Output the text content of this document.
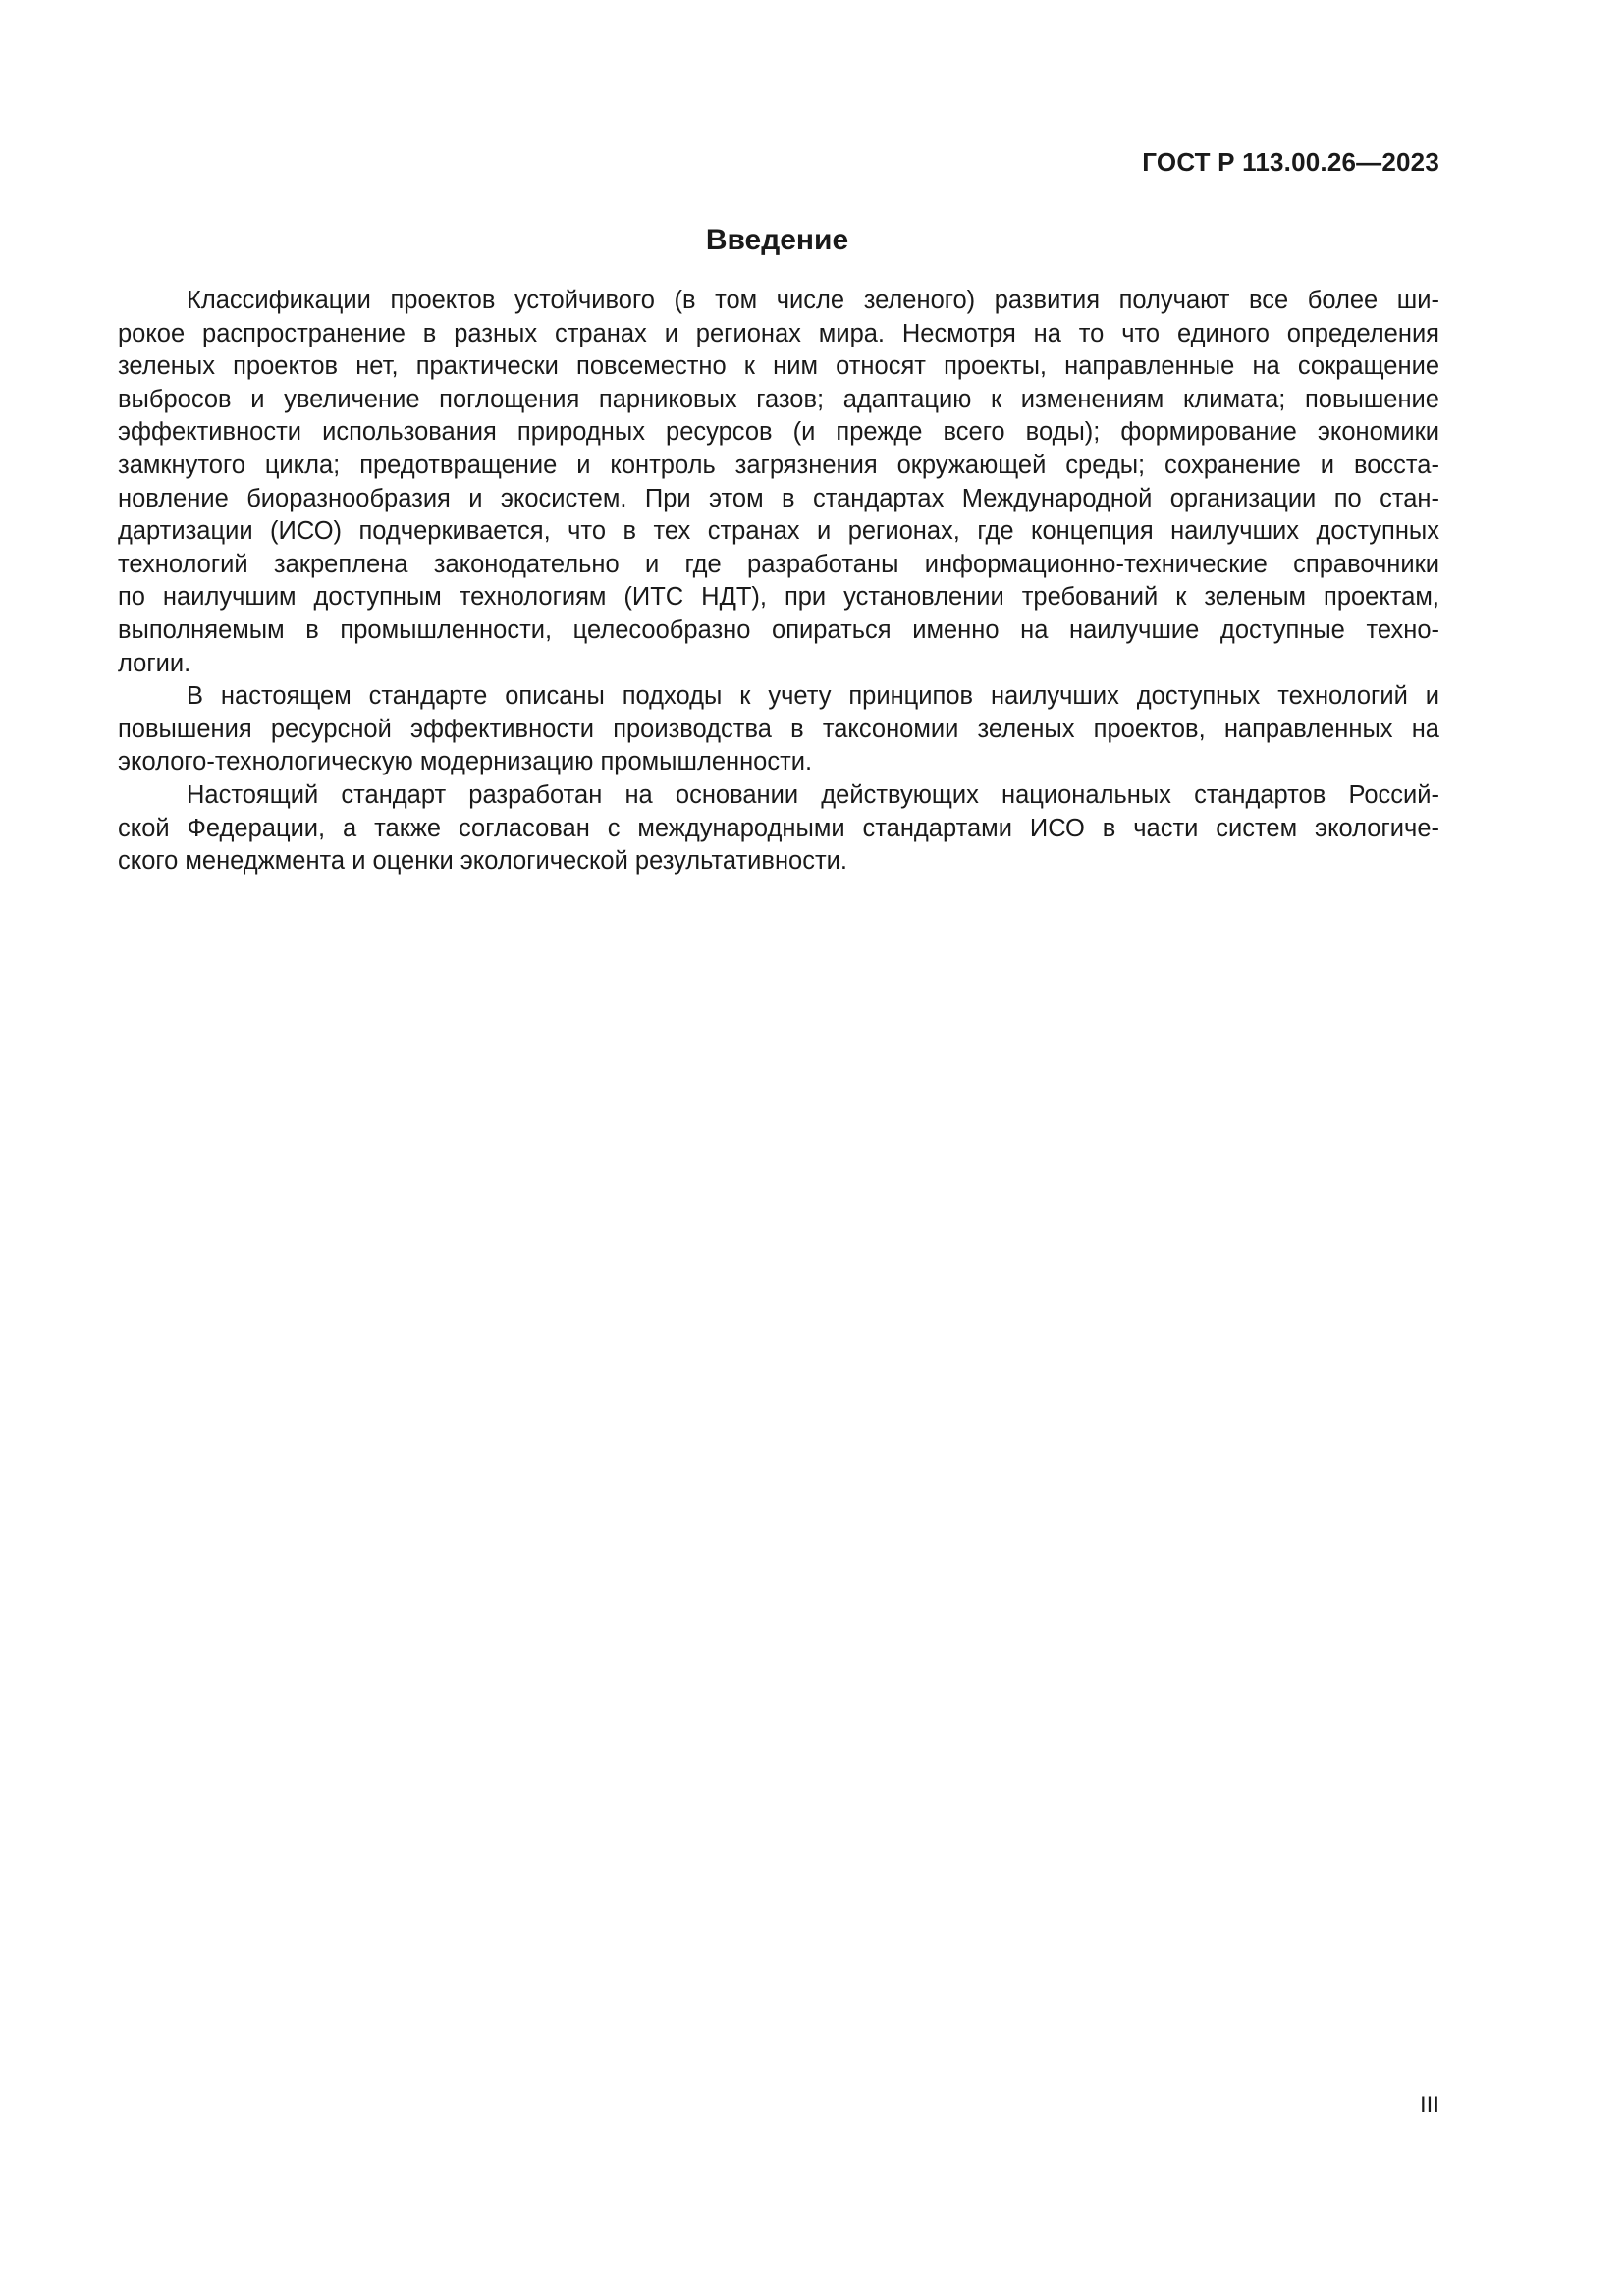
ГОСТ Р 113.00.26—2023
Введение
Классификации проектов устойчивого (в том числе зеленого) развития получают все более ши-
рокое распространение в разных странах и регионах мира. Несмотря на то что единого определения
зеленых проектов нет, практически повсеместно к ним относят проекты, направленные на сокращение
выбросов и увеличение поглощения парниковых газов; адаптацию к изменениям климата; повышение
эффективности использования природных ресурсов (и прежде всего воды); формирование экономики
замкнутого цикла; предотвращение и контроль загрязнения окружающей среды; сохранение и восста-
новление биоразнообразия и экосистем. При этом в стандартах Международной организации по стан-
дартизации (ИСО) подчеркивается, что в тех странах и регионах, где концепция наилучших доступных
технологий закреплена законодательно и где разработаны информационно-технические справочники
по наилучшим доступным технологиям (ИТС НДТ), при установлении требований к зеленым проектам,
выполняемым в промышленности, целесообразно опираться именно на наилучшие доступные техно-
логии.
В настоящем стандарте описаны подходы к учету принципов наилучших доступных технологий и
повышения ресурсной эффективности производства в таксономии зеленых проектов, направленных на
эколого-технологическую модернизацию промышленности.
Настоящий стандарт разработан на основании действующих национальных стандартов Россий-
ской Федерации, а также согласован с международными стандартами ИСО в части систем экологиче-
ского менеджмента и оценки экологической результативности.
III
